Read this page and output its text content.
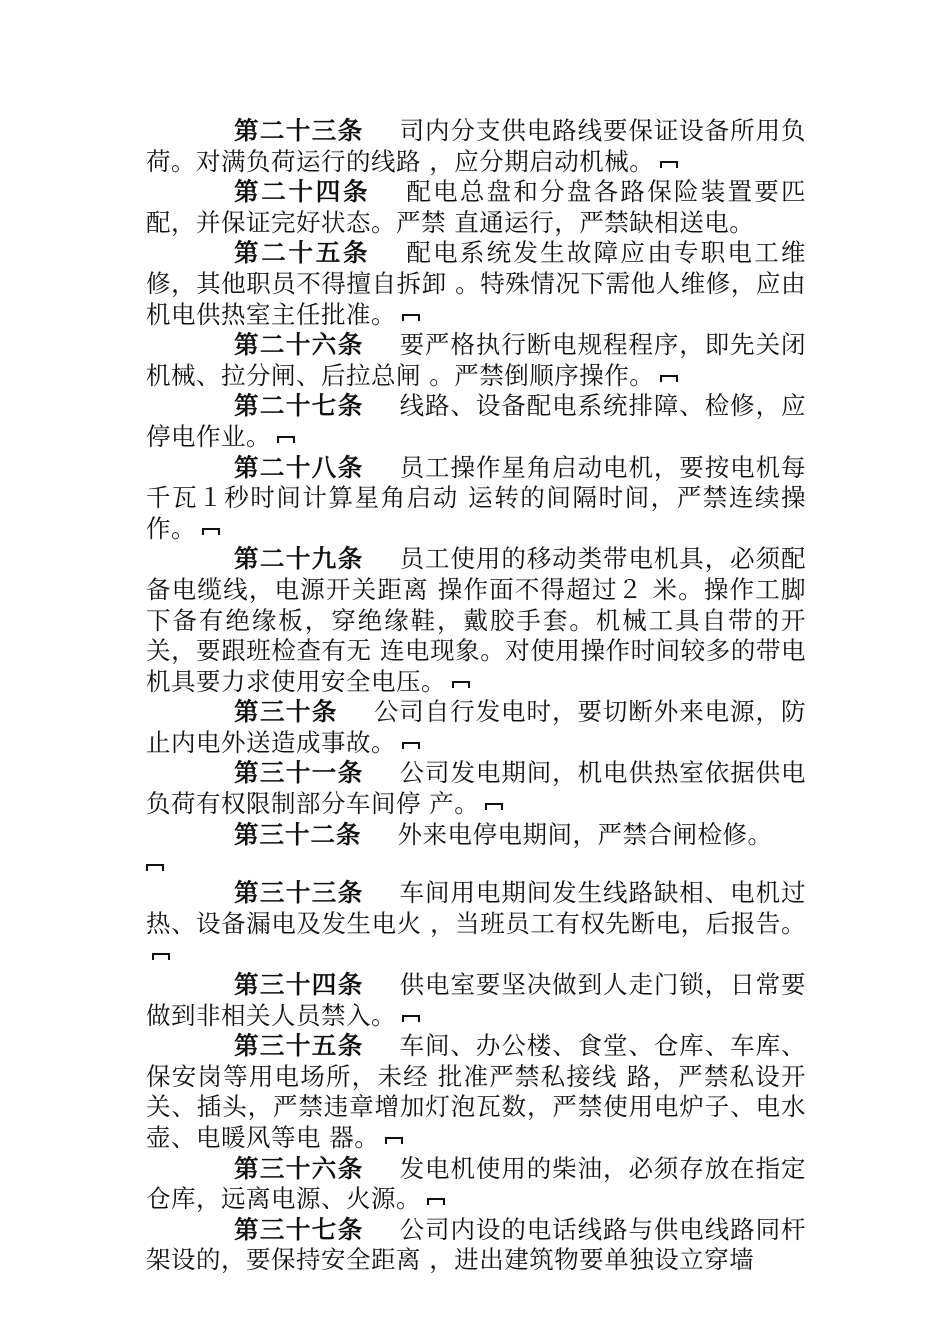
第二十三条 司内分支供电路线要保证设备所用负荷。对满负荷运行的线路 ，应分期启动机械。

第二十四条 配电总盘和分盘各路保险装置要匹配，并保证完好状态。严禁 直通运行，严禁缺相送电。

第二十五条 配电系统发生故障应由专职电工维修，其他职员不得擅自拆卸 。特殊情况下需他人维修，应由机电供热室主任批准。

第二十六条 要严格执行断电规程程序，即先关闭机械、拉分闸、后拉总闸 。严禁倒顺序操作。

第二十七条 线路、设备配电系统排障、检修，应停电作业。

第二十八条 员工操作星角启动电机，要按电机每千瓦１秒时间计算星角启动 运转的间隔时间，严禁连续操作。

第二十九条 员工使用的移动类带电机具，必须配备电缆线，电源开关距离 操作面不得超过２ 米。操作工脚下备有绝缘板，穿绝缘鞋，戴胶手套。机械工具自带的开关，要跟班检查有无 连电现象。对使用操作时间较多的带电机具要力求使用安全电压。

第三十条 公司自行发电时，要切断外来电源，防止内电外送造成事故。

第三十一条 公司发电期间，机电供热室依据供电负荷有权限制部分车间停 产。

第三十二条 外来电停电期间，严禁合闸检修。

第三十三条 车间用电期间发生线路缺相、电机过热、设备漏电及发生电火 ，当班员工有权先断电，后报告。

第三十四条 供电室要坚决做到人走门锁，日常要做到非相关人员禁入。

第三十五条 车间、办公楼、食堂、仓库、车库、保安岗等用电场所，未经 批准严禁私接线 路，严禁私设开关、插头，严禁违章增加灯泡瓦数，严禁使用电炉子、电水壶、电暖风等电 器。

第三十六条 发电机使用的柴油，必须存放在指定仓库，远离电源、火源。

第三十七条 公司内设的电话线路与供电线路同杆架设的，要保持安全距离 ，进出建筑物要单独设立穿墙
